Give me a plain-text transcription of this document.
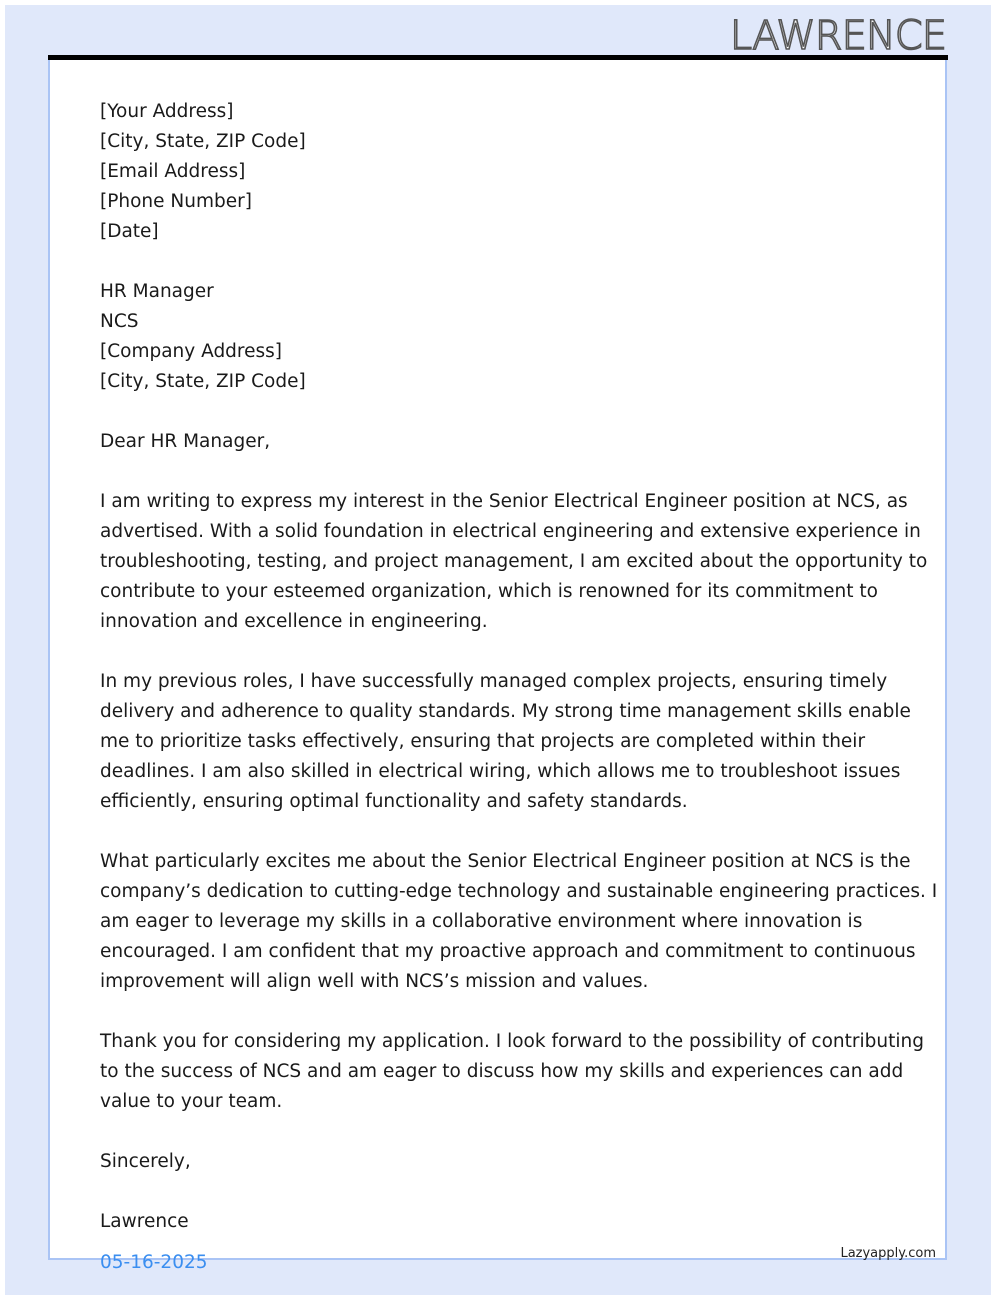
LAWRENCE
[Your Address]
[City, State, ZIP Code]
[Email Address]
[Phone Number]
[Date]
HR Manager
NCS
[Company Address]
[City, State, ZIP Code]
Dear HR Manager,
I am writing to express my interest in the Senior Electrical Engineer position at NCS, as
advertised. With a solid foundation in electrical engineering and extensive experience in
troubleshooting, testing, and project management, I am excited about the opportunity to
contribute to your esteemed organization, which is renowned for its commitment to
innovation and excellence in engineering.
In my previous roles, I have successfully managed complex projects, ensuring timely
delivery and adherence to quality standards. My strong time management skills enable
me to prioritize tasks effectively, ensuring that projects are completed within their
deadlines. I am also skilled in electrical wiring, which allows me to troubleshoot issues
efficiently, ensuring optimal functionality and safety standards.
What particularly excites me about the Senior Electrical Engineer position at NCS is the
company’s dedication to cutting-edge technology and sustainable engineering practices. I
am eager to leverage my skills in a collaborative environment where innovation is
encouraged. I am confident that my proactive approach and commitment to continuous
improvement will align well with NCS’s mission and values.
Thank you for considering my application. I look forward to the possibility of contributing
to the success of NCS and am eager to discuss how my skills and experiences can add
value to your team.
Sincerely,
Lawrence
05-16-2025	Lazyapply.com
